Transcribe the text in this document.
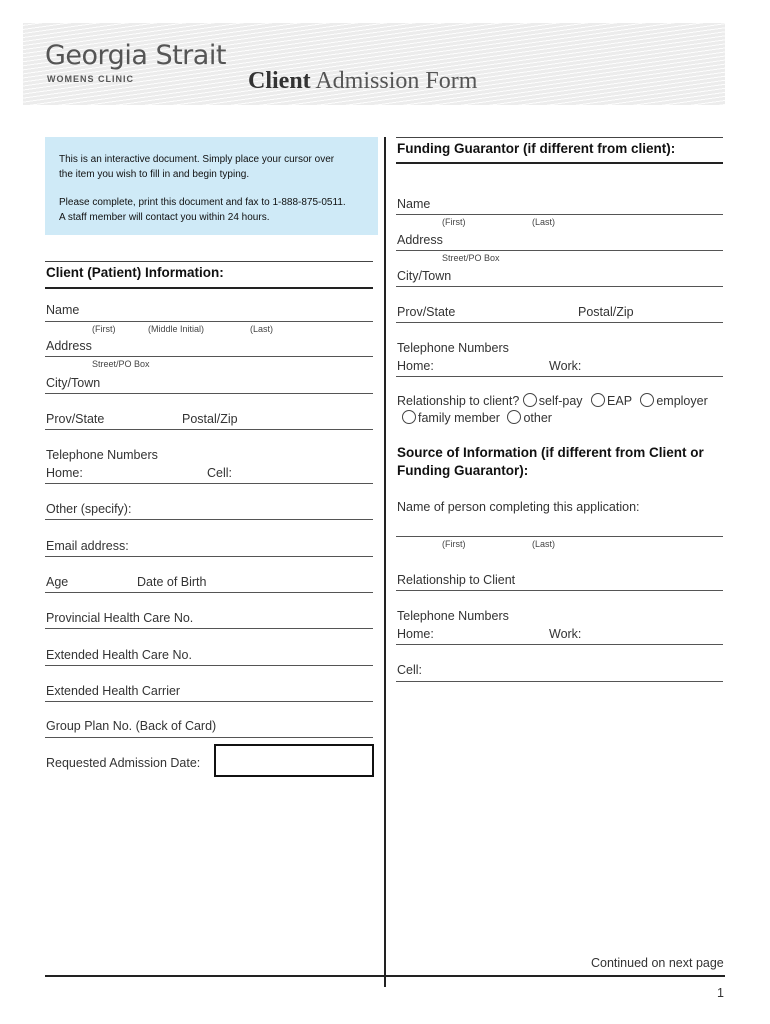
Georgia Strait
WOMENS CLINIC	Client Admission Form
This is an interactive document. Simply place your cursor over
the item you wish to fill in and begin typing.
Please complete, print this document and fax to 1-888-875-0511.
A staff member will contact you within 24 hours.
Client (Patient) Information:
Name
(First)	(Middle Initial)	(Last)
Address
Street/PO Box
City/Town
Prov/State	Postal/Zip
Telephone Numbers
Home:	Cell:
Other (specify):
Email address:
Age	Date of Birth
Provincial Health Care No.
Extended Health Care No.
Extended Health Carrier
Group Plan No. (Back of Card)
Requested Admission Date:
Funding Guarantor (if different from client):
Name
(First)	(Last)
Address
Street/PO Box
City/Town
Prov/State	Postal/Zip
Telephone Numbers
Home:	Work:
Relationship to client? self-pay EAP employer
family member other
Source of Information (if different from Client or
Funding Guarantor):
Name of person completing this application:
(First)	(Last)
Relationship to Client
Telephone Numbers
Home:	Work:
Cell:
Continued on next page
1
